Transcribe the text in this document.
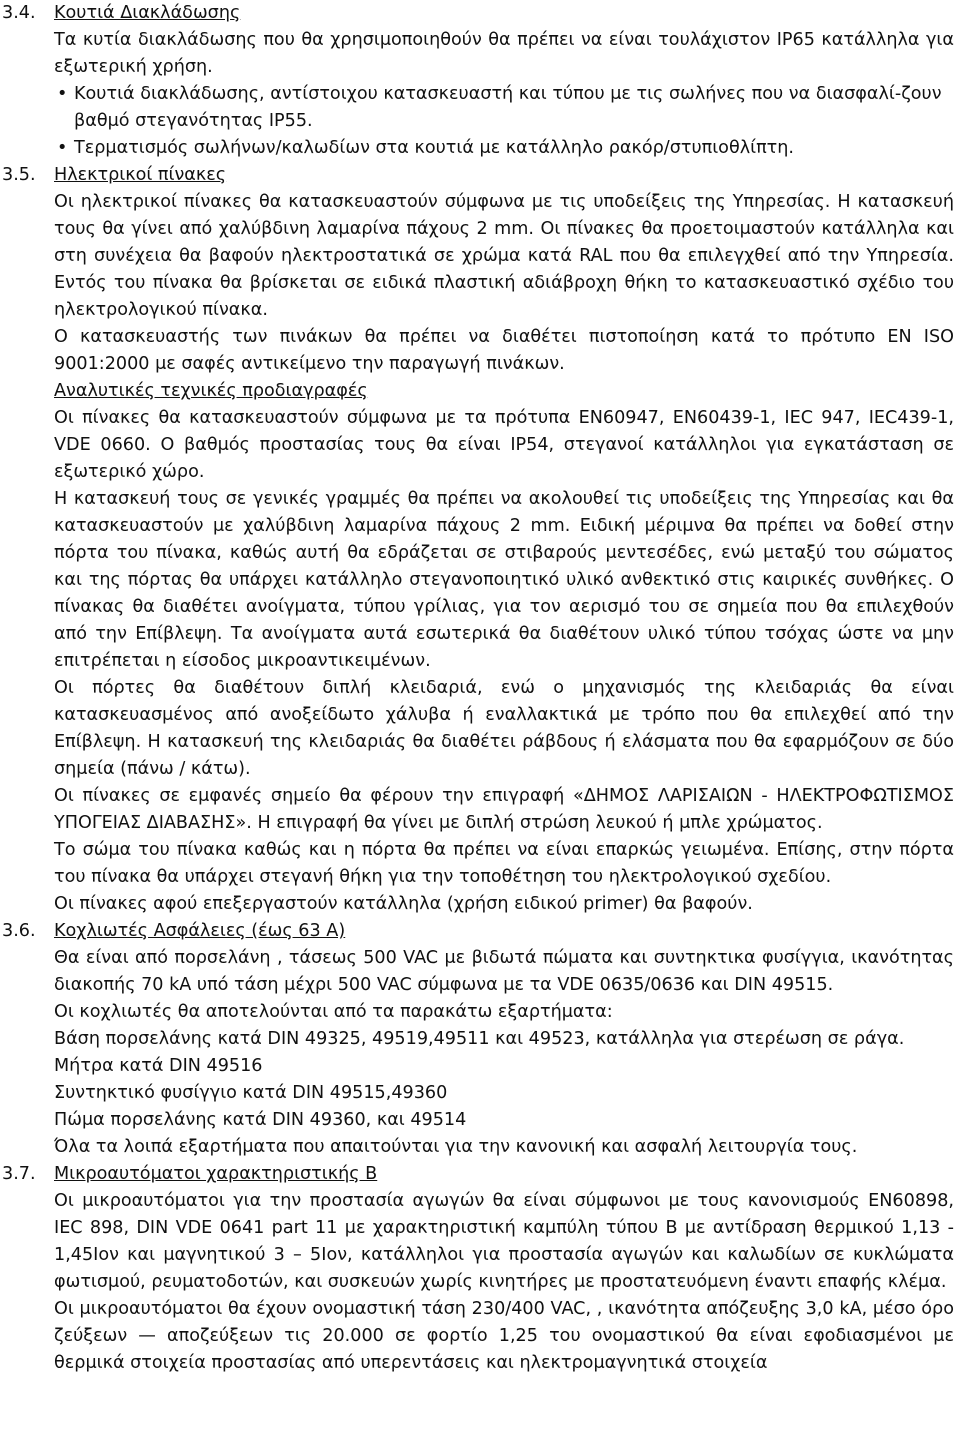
3.4. Κουτιά Διακλάδωσης

Τα κυτία διακλάδωσης που θα χρησιμοποιηθούν θα πρέπει να είναι τουλάχιστον IP65 κατάλληλα για εξωτερική χρήση.

• Κουτιά διακλάδωσης, αντίστοιχου κατασκευαστή και τύπου με τις σωλήνες που να διασφαλί-ζουν βαθμό στεγανότητας IP55.
• Τερματισμός σωλήνων/καλωδίων στα κουτιά με κατάλληλο ρακόρ/στυπιοθλίπτη.
3.5. Ηλεκτρικοί πίνακες

Οι ηλεκτρικοί πίνακες θα κατασκευαστούν σύμφωνα με τις υποδείξεις της Υπηρεσίας. Η κατασκευή τους θα γίνει από χαλύβδινη λαμαρίνα πάχους 2 mm. Οι πίνακες θα προετοιμαστούν κατάλληλα και στη συνέχεια θα βαφούν ηλεκτροστατικά σε χρώμα κατά RAL που θα επιλεγχθεί από την Υπηρεσία. Εντός του πίνακα θα βρίσκεται σε ειδικά πλαστική αδιάβροχη θήκη το κατασκευαστικό σχέδιο του ηλεκτρολογικού πίνακα.

Ο κατασκευαστής των πινάκων θα πρέπει να διαθέτει πιστοποίηση κατά το πρότυπο EN ISO 9001:2000 με σαφές αντικείμενο την παραγωγή πινάκων.

Αναλυτικές τεχνικές προδιαγραφές

Οι πίνακες θα κατασκευαστούν σύμφωνα με τα πρότυπα EN60947, EN60439-1, IEC 947, IEC439-1, VDE 0660. Ο βαθμός προστασίας τους θα είναι IP54, στεγανοί κατάλληλοι για εγκατάσταση σε εξωτερικό χώρο.

Η κατασκευή τους σε γενικές γραμμές θα πρέπει να ακολουθεί τις υποδείξεις της Υπηρεσίας και θα κατασκευαστούν με χαλύβδινη λαμαρίνα πάχους 2 mm. Ειδική μέριμνα θα πρέπει να δοθεί στην πόρτα του πίνακα, καθώς αυτή θα εδράζεται σε στιβαρούς μεντεσέδες, ενώ μεταξύ του σώματος και της πόρτας θα υπάρχει κατάλληλο στεγανοποιητικό υλικό ανθεκτικό στις καιρικές συνθήκες. Ο πίνακας θα διαθέτει ανοίγματα, τύπου γρίλιας, για τον αερισμό του σε σημεία που θα επιλεχθούν από την Επίβλεψη. Τα ανοίγματα αυτά εσωτερικά θα διαθέτουν υλικό τύπου τσόχας ώστε να μην επιτρέπεται η είσοδος μικροαντικειμένων.

Οι πόρτες θα διαθέτουν διπλή κλειδαριά, ενώ ο μηχανισμός της κλειδαριάς θα είναι κατασκευασμένος από ανοξείδωτο χάλυβα ή εναλλακτικά με τρόπο που θα επιλεχθεί από την Επίβλεψη. Η κατασκευή της κλειδαριάς θα διαθέτει ράβδους ή ελάσματα που θα εφαρμόζουν σε δύο σημεία (πάνω / κάτω).

Οι πίνακες σε εμφανές σημείο θα φέρουν την επιγραφή «ΔΗΜΟΣ ΛΑΡΙΣΑΙΩΝ - ΗΛΕΚΤΡΟΦΩΤΙΣΜΟΣ ΥΠΟΓΕΙΑΣ ΔΙΑΒΑΣΗΣ». Η επιγραφή θα γίνει με διπλή στρώση λευκού ή μπλε χρώματος.

Το σώμα του πίνακα καθώς και η πόρτα θα πρέπει να είναι επαρκώς γειωμένα. Επίσης, στην πόρτα του πίνακα θα υπάρχει στεγανή θήκη για την τοποθέτηση του ηλεκτρολογικού σχεδίου.

Οι πίνακες αφού επεξεργαστούν κατάλληλα (χρήση ειδικού primer) θα βαφούν.

3.6. Κοχλιωτές Ασφάλειες (έως 63 Α)

Θα είναι από πορσελάνη , τάσεως 500 VAC με βιδωτά πώματα και συντηκτικα φυσίγγια, ικανότητας διακοπής 70 kA υπό τάση μέχρι 500 VAC σύμφωνα με τα VDE 0635/0636 και DIN 49515.

Οι κοχλιωτές θα αποτελούνται από τα παρακάτω εξαρτήματα:

Βάση πορσελάνης κατά DIN 49325, 49519,49511 και 49523, κατάλληλα για στερέωση σε ράγα.

Μήτρα κατά DIN 49516

Συντηκτικό φυσίγγιο κατά DIN 49515,49360

Πώμα πορσελάνης κατά DIN 49360, και 49514

Όλα τα λοιπά εξαρτήματα που απαιτούνται για την κανονική και ασφαλή λειτουργία τους.

3.7. Μικροαυτόματοι χαρακτηριστικής Β

Οι μικροαυτόματοι για την προστασία αγωγών θα είναι σύμφωνοι με τους κανονισμούς EN60898, IEC 898, DIN VDE 0641 part 11 με χαρακτηριστική καμπύλη τύπου Β με αντίδραση θερμικού 1,13 - 1,45Ιον και μαγνητικού 3 – 5Ιον, κατάλληλοι για προστασία αγωγών και καλωδίων σε κυκλώματα φωτισμού, ρευματοδοτών, και συσκευών χωρίς κινητήρες με προστατευόμενη έναντι επαφής κλέμα.

Οι μικροαυτόματοι θα έχουν ονομαστική τάση 230/400 VAC, , ικανότητα απόζευξης 3,0 kA, μέσο όρο ζεύξεων — αποζεύξεων τις 20.000 σε φορτίο 1,25 του ονομαστικού θα είναι εφοδιασμένοι με θερμικά στοιχεία προστασίας από υπερεντάσεις και ηλεκτρομαγνητικά στοιχεία
